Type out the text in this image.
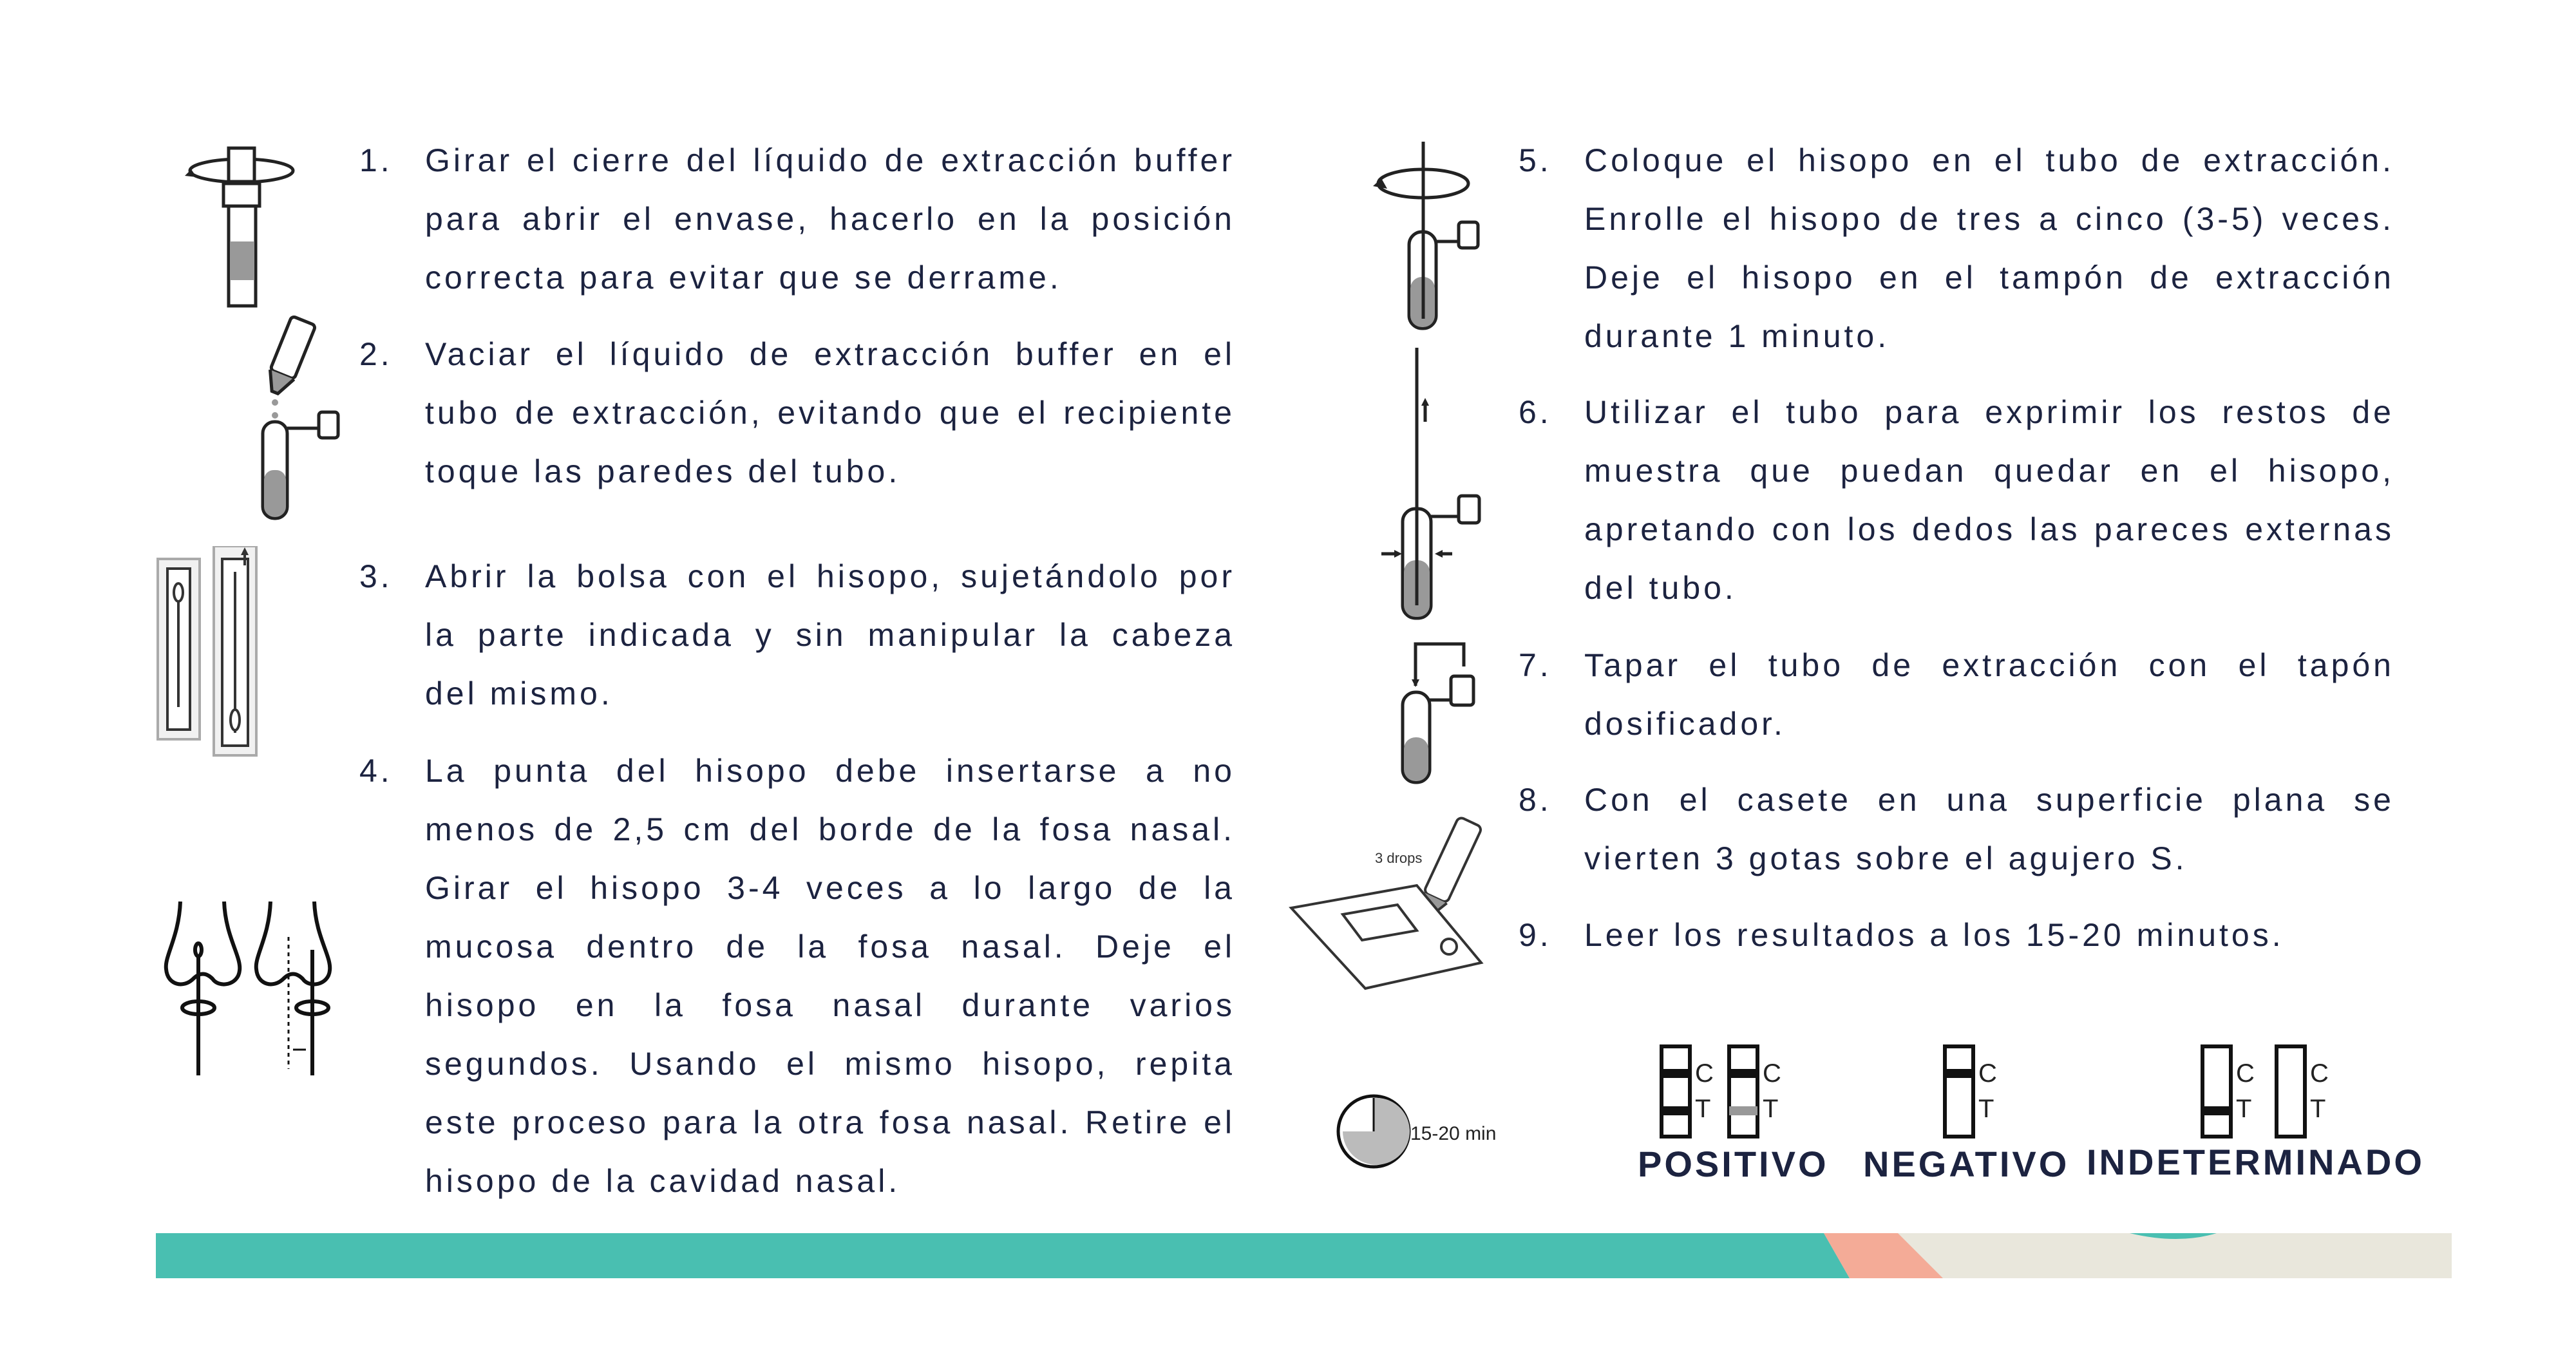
1. Girar el cierre del líquido de extracción buffer para abrir el envase, hacerlo en la posición correcta para evitar que se derrame.
2. Vaciar el líquido de extracción buffer en el tubo de extracción, evitando que el recipiente toque las paredes del tubo.
3. Abrir la bolsa con el hisopo, sujetándolo por la parte indicada y sin manipular la cabeza del mismo.
4. La punta del hisopo debe insertarse a no menos de 2,5 cm del borde de la fosa nasal. Girar el hisopo 3-4 veces a lo largo de la mucosa dentro de la fosa nasal. Deje el hisopo en la fosa nasal durante varios segundos. Usando el mismo hisopo, repita este proceso para la otra fosa nasal. Retire el hisopo de la cavidad nasal.
5. Coloque el hisopo en el tubo de extracción. Enrolle el hisopo de tres a cinco (3-5) veces. Deje el hisopo en el tampón de extracción durante 1 minuto.
6. Utilizar el tubo para exprimir los restos de muestra que puedan quedar en el hisopo, apretando con los dedos las pareces externas del tubo.
7. Tapar el tubo de extracción con el tapón dosificador.
8. Con el casete en una superficie plana se vierten 3 gotas sobre el agujero S.
9. Leer los resultados a los 15-20 minutos.
3 drops
15-20 min
C
T
C
T
POSITIVO
C
T
NEGATIVO
C
T
C
T
INDETERMINADO
